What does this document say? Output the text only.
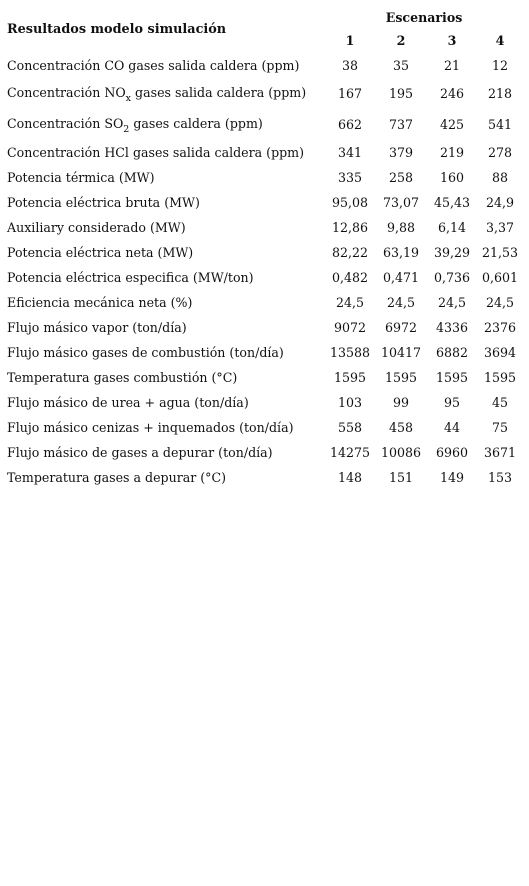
Resultados modelo simulación	Escenarios			
	1	2	3	4
Concentración CO gases salida caldera (ppm)	38	35	21	12
Concentración $NO_x$ gases salida caldera (ppm)	167	195	246	218
Concentración $SO_2$ gases caldera (ppm)	662	737	425	541
Concentración HCl gases salida caldera (ppm)	341	379	219	278
Potencia térmica (MW)	335	258	160	88
Potencia eléctrica bruta (MW)	95,08	73,07	45,43	24,9
Auxiliary considerado (MW)	12,86	9,88	6,14	3,37
Potencia eléctrica neta (MW)	82,22	63,19	39,29	21,53
Potencia eléctrica especifica (MW/ton)	0,482	0,471	0,736	0,601
Eficiencia mecánica neta (%)	24,5	24,5	24,5	24,5
Flujo másico vapor (ton/día)	9072	6972	4336	2376
Flujo másico gases de combustión (ton/día)	13588	10417	6882	3694
Temperatura gases combustión (°C)	1595	1595	1595	1595
Flujo másico de urea + agua (ton/día)	103	99	95	45
Flujo másico cenizas + inquemados (ton/día)	558	458	44	75
Flujo másico de gases a depurar (ton/día)	14275	10086	6960	3671
Temperatura gases a depurar (°C)	148	151	149	153
